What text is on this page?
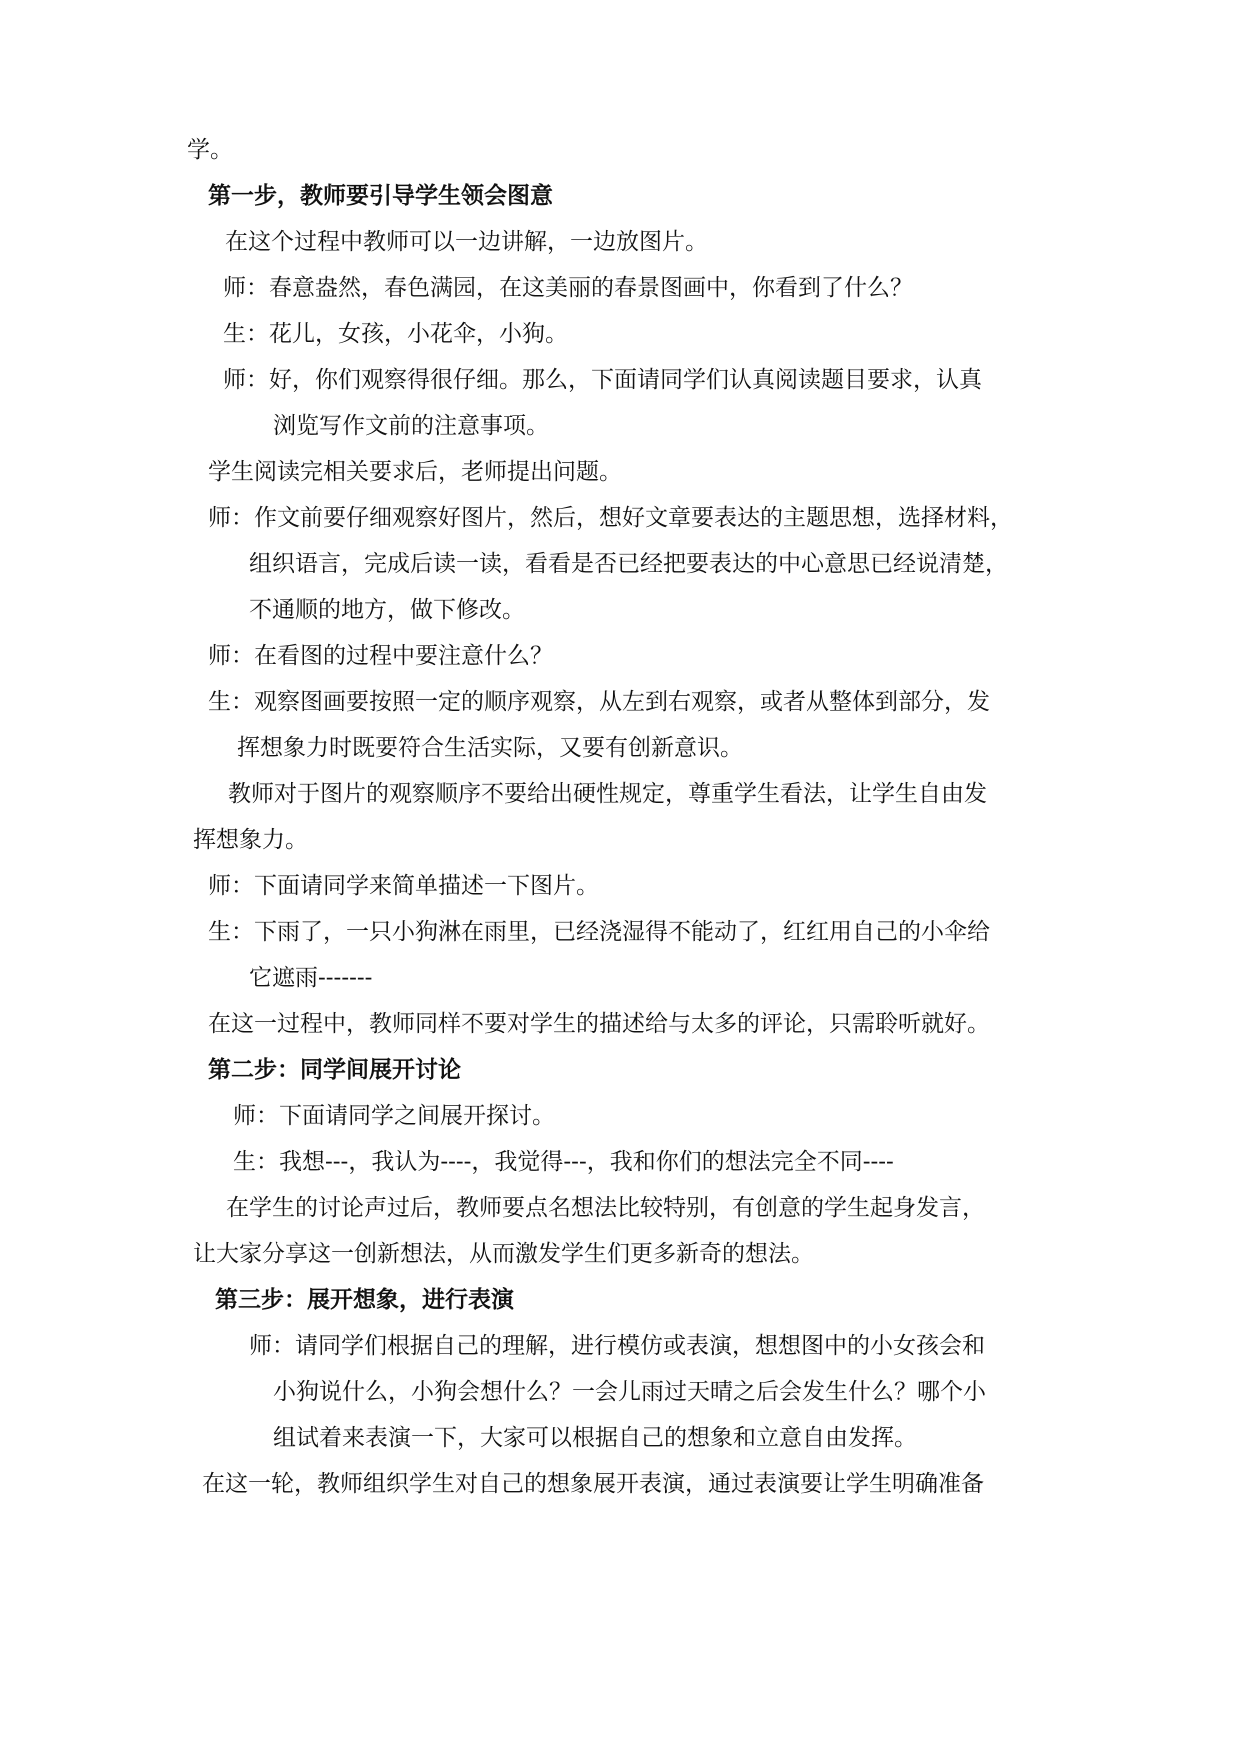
学。
第一步，教师要引导学生领会图意
在这个过程中教师可以一边讲解，一边放图片。
师：春意盎然，春色满园，在这美丽的春景图画中，你看到了什么？
生：花儿，女孩，小花伞，小狗。
师：好，你们观察得很仔细。那么，下面请同学们认真阅读题目要求，认真
浏览写作文前的注意事项。
学生阅读完相关要求后，老师提出问题。
师：作文前要仔细观察好图片，然后，想好文章要表达的主题思想，选择材料，
组织语言，完成后读一读，看看是否已经把要表达的中心意思已经说清楚，
不通顺的地方，做下修改。
师：在看图的过程中要注意什么？
生：观察图画要按照一定的顺序观察，从左到右观察，或者从整体到部分，发
挥想象力时既要符合生活实际，又要有创新意识。
教师对于图片的观察顺序不要给出硬性规定，尊重学生看法，让学生自由发
挥想象力。
师：下面请同学来简单描述一下图片。
生：下雨了，一只小狗淋在雨里，已经浇湿得不能动了，红红用自己的小伞给
它遮雨-------
在这一过程中，教师同样不要对学生的描述给与太多的评论，只需聆听就好。
第二步：同学间展开讨论
师：下面请同学之间展开探讨。
生：我想---，我认为----，我觉得---，我和你们的想法完全不同----
在学生的讨论声过后，教师要点名想法比较特别，有创意的学生起身发言，
让大家分享这一创新想法，从而激发学生们更多新奇的想法。
第三步：展开想象，进行表演
师：请同学们根据自己的理解，进行模仿或表演，想想图中的小女孩会和
小狗说什么，小狗会想什么？一会儿雨过天晴之后会发生什么？哪个小
组试着来表演一下，大家可以根据自己的想象和立意自由发挥。
在这一轮，教师组织学生对自己的想象展开表演，通过表演要让学生明确准备
